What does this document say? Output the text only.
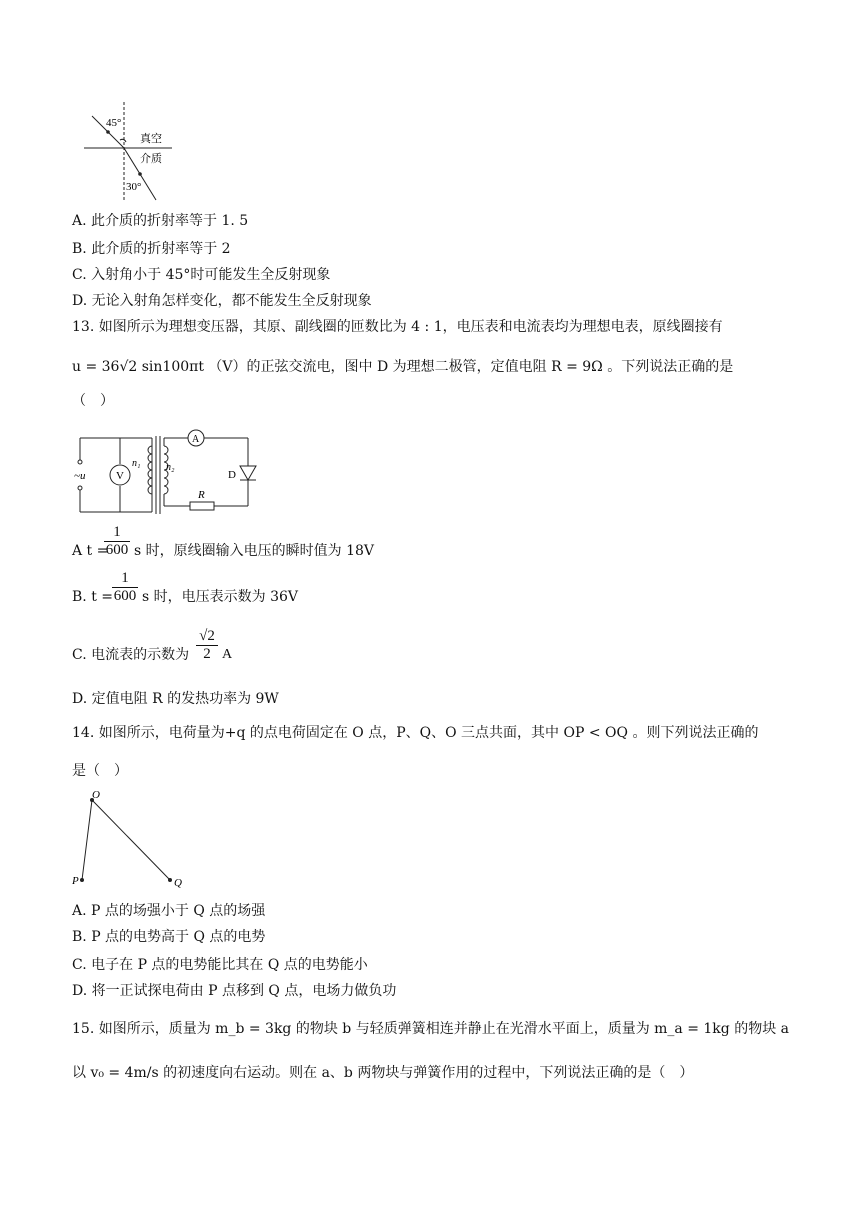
45°
真空
介质
30°
A. 此介质的折射率等于 1. 5
B. 此介质的折射率等于 2
C. 入射角小于 45°时可能发生全反射现象
D. 无论入射角怎样变化，都不能发生全反射现象
13. 如图所示为理想变压器，其原、副线圈的匝数比为 4 : 1，电压表和电流表均为理想电表，原线圈接有
u = 36√2 sin100πt （V）的正弦交流电，图中 D 为理想二极管，定值电阻 R = 9Ω 。下列说法正确的是
（　）
~u	V
n₁	n₂
A
D
R
A t =
$\frac{1}{600}$ s 时，原线圈输入电压的瞬时值为 18V
B. $t = \frac{1}{600}$ s 时，电压表示数为 36V
C. 电流表的示数为 $\frac{√2}{2}$ A
D. 定值电阻 R 的发热功率为 9W
14. 如图所示，电荷量为+q 的点电荷固定在 O 点，P、Q、O 三点共面，其中 OP < OQ 。则下列说法正确的
是（　）
O
P	Q
A. P 点的场强小于 Q 点的场强
B. P 点的电势高于 Q 点的电势
C. 电子在 P 点的电势能比其在 Q 点的电势能小
D. 将一正试探电荷由 P 点移到 Q 点，电场力做负功
15. 如图所示，质量为 m_b = 3kg 的物块 b 与轻质弹簧相连并静止在光滑水平面上，质量为 m_a = 1kg 的物块 a
以 v₀ = 4m/s 的初速度向右运动。则在 a、b 两物块与弹簧作用的过程中，下列说法正确的是（　）
